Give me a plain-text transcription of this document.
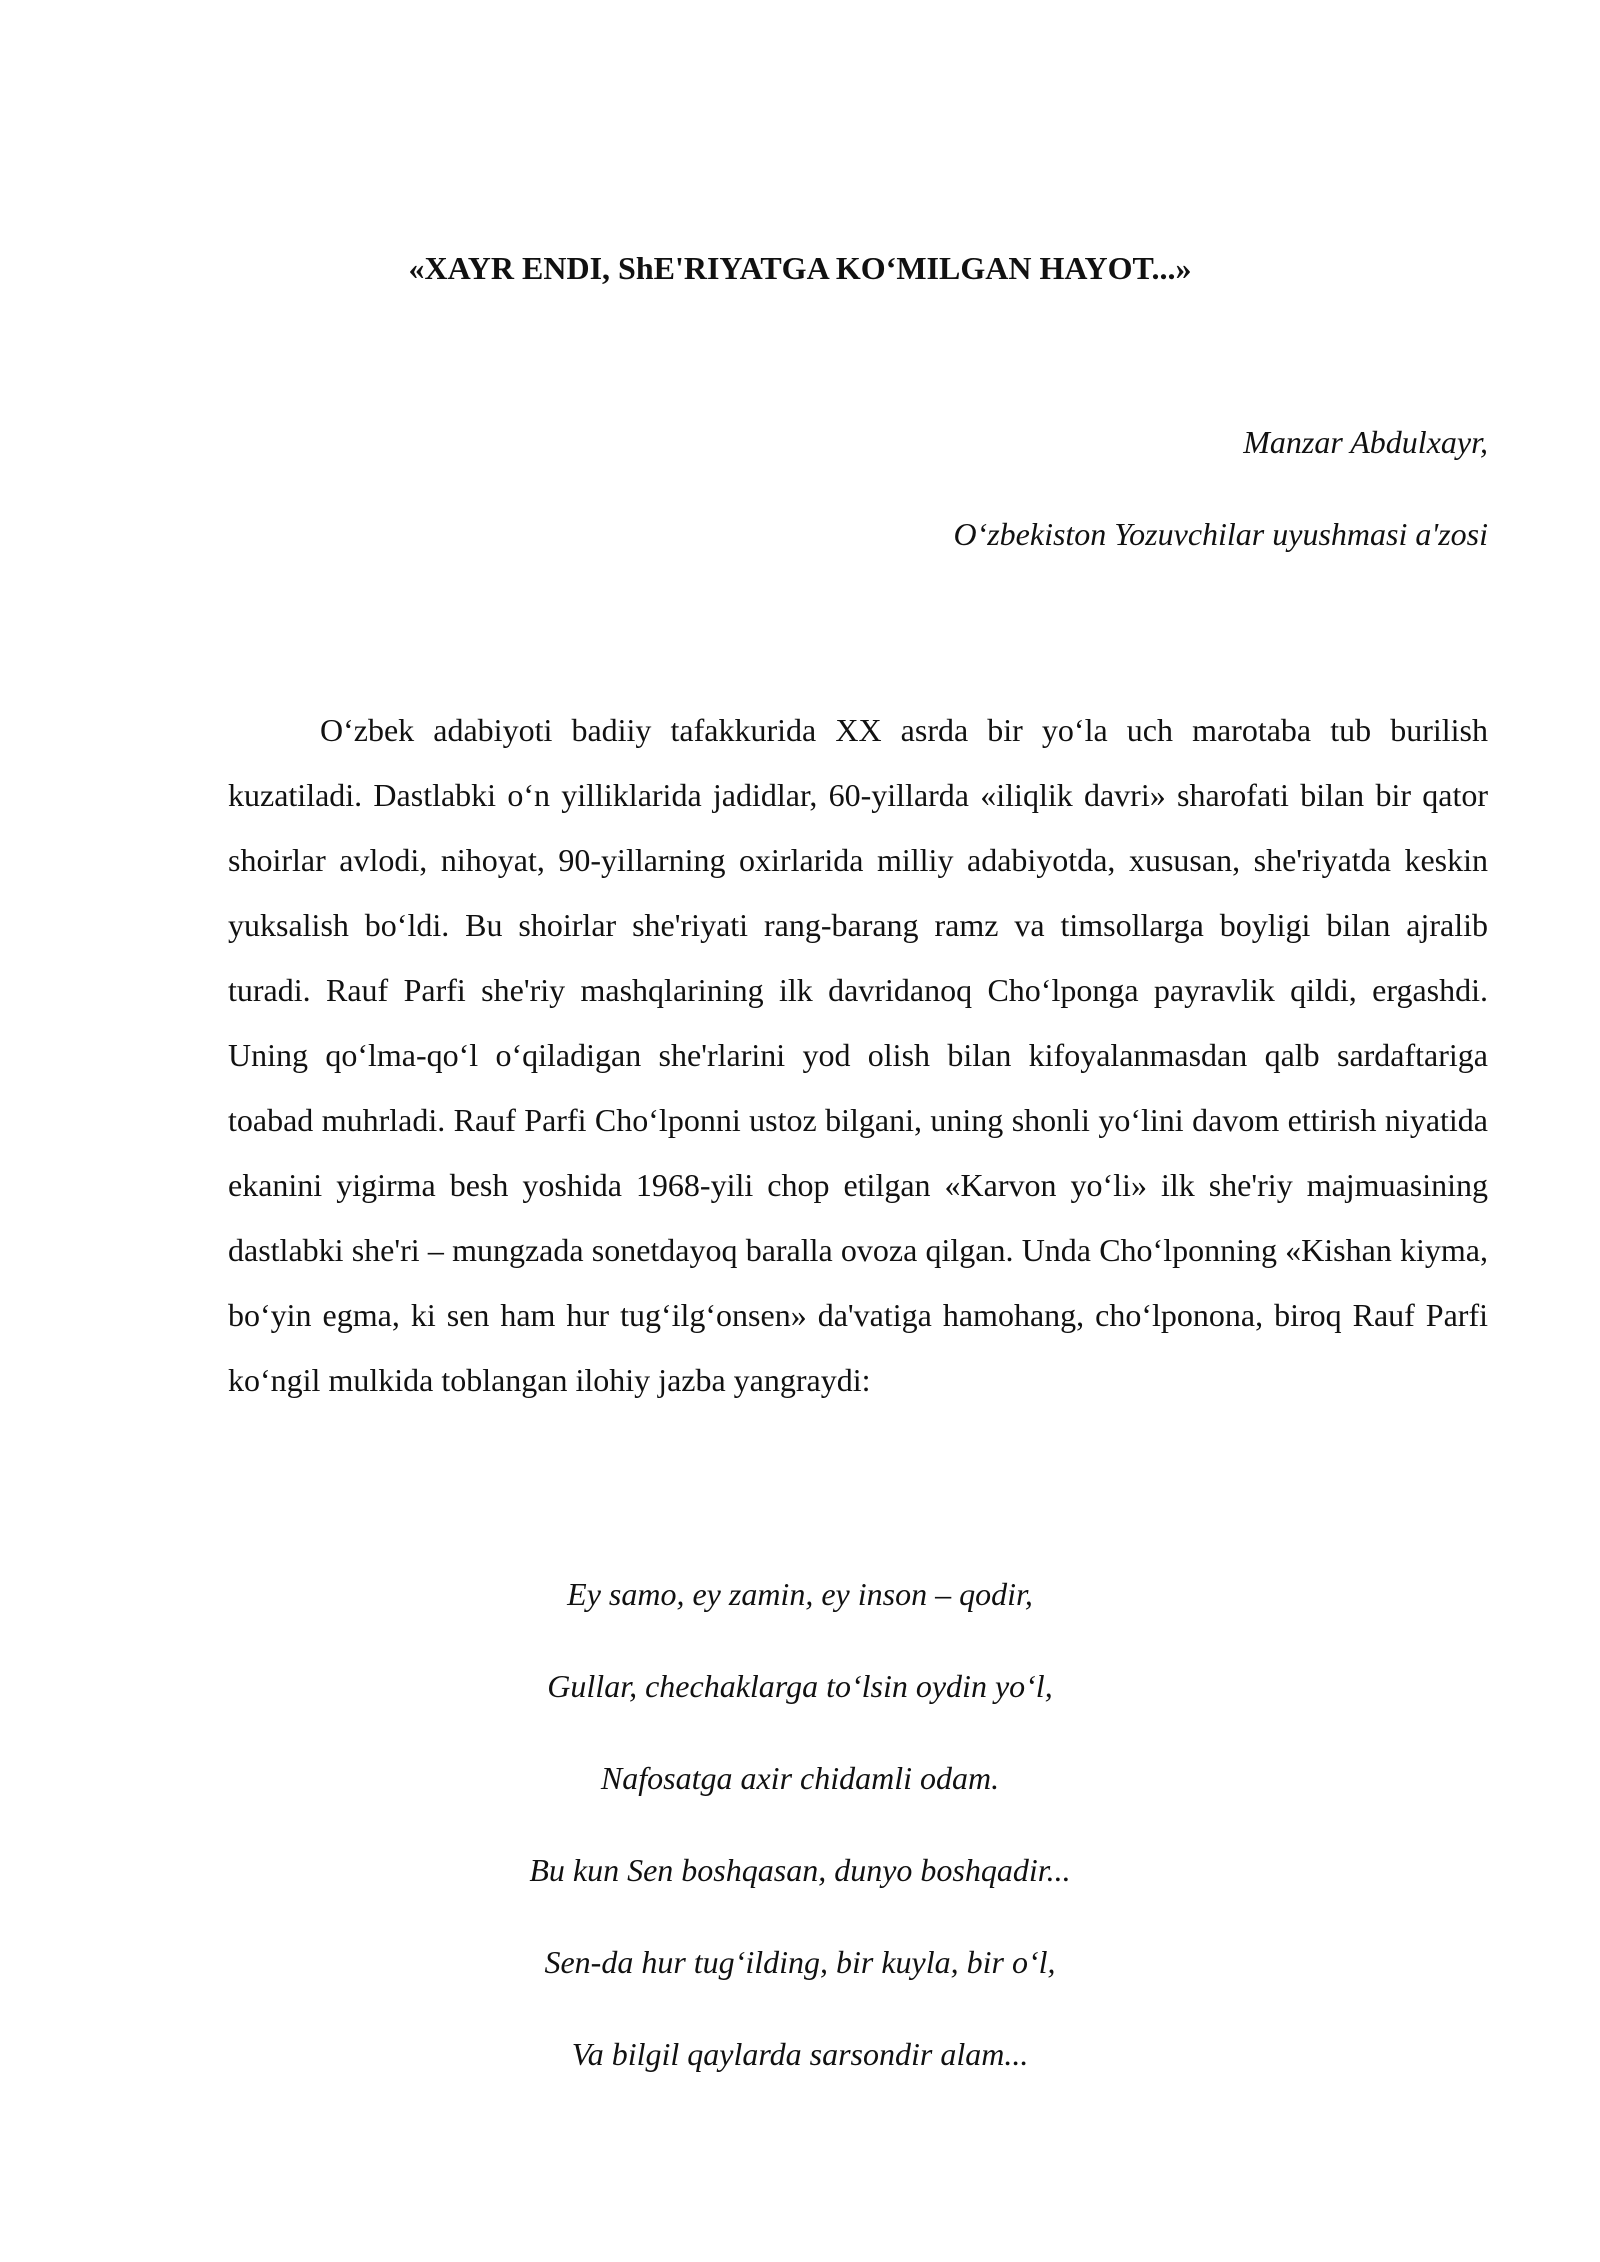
«XAYR ENDI, ShE'RIYATGA KO‘MILGAN HAYOT...»
Manzar Abdulxayr,
O‘zbekiston Yozuvchilar uyushmasi a'zosi

O‘zbek adabiyoti badiiy tafakkurida XX asrda bir yo‘la uch marotaba tub burilish kuzatiladi. Dastlabki o‘n yilliklarida jadidlar, 60-yillarda «iliqlik davri» sharofati bilan bir qator shoirlar avlodi, nihoyat, 90-yillarning oxirlarida milliy adabiyotda, xususan, she'riyatda keskin yuksalish bo‘ldi. Bu shoirlar she'riyati rang-barang ramz va timsollarga boyligi bilan ajralib turadi. Rauf Parfi she'riy mashqlarining ilk davridanoq Cho‘lponga payravlik qildi, ergashdi. Uning qo‘lma-qo‘l o‘qiladigan she'rlarini yod olish bilan kifoyalanmasdan qalb sardaftariga toabad muhrladi. Rauf Parfi Cho‘lponni ustoz bilgani, uning shonli yo‘lini davom ettirish niyatida ekanini yigirma besh yoshida 1968-yili chop etilgan «Karvon yo‘li» ilk she'riy majmuasining dastlabki she'ri – mungzada sonetdayoq baralla ovoza qilgan. Unda Cho‘lponning «Kishan kiyma, bo‘yin egma, ki sen ham hur tug‘ilg‘onsen» da'vatiga hamohang, cho‘lponona, biroq Rauf Parfi ko‘ngil mulkida toblangan ilohiy jazba yangraydi:

Ey samo, ey zamin, ey inson – qodir,
Gullar, chechaklarga to‘lsin oydin yo‘l,
Nafosatga axir chidamli odam.
Bu kun Sen boshqasan, dunyo boshqadir...
Sen-da hur tug‘ilding, bir kuyla, bir o‘l,
Va bilgil qaylarda sarsondir alam...
